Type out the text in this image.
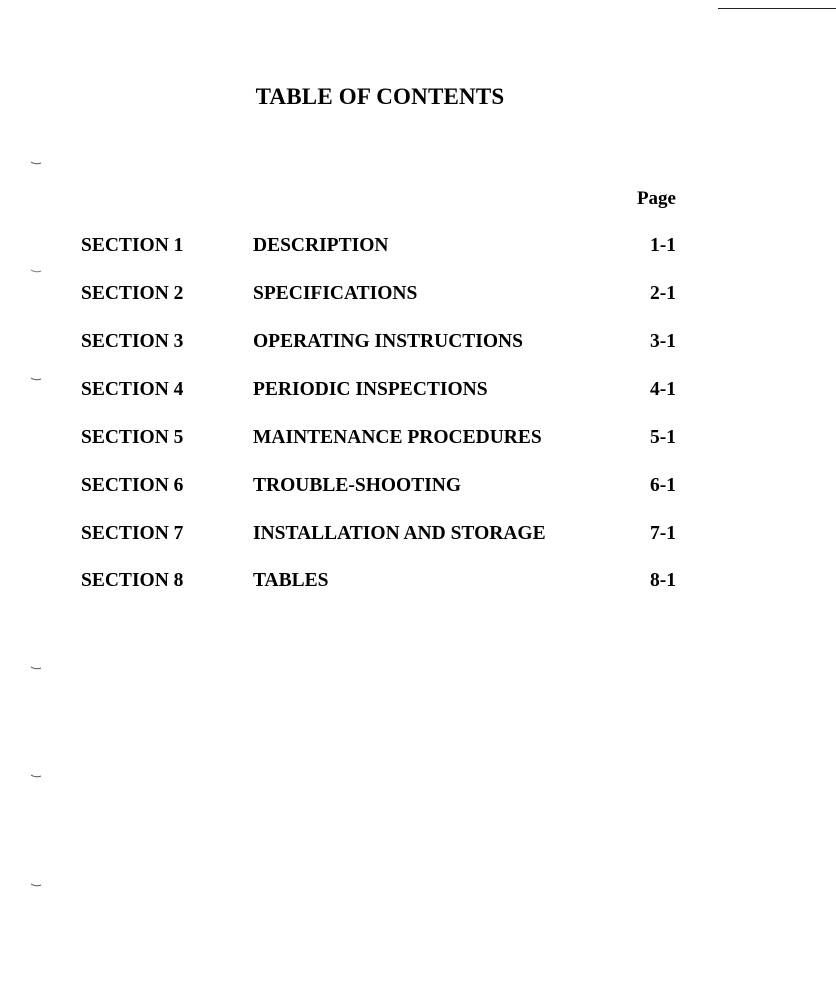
TABLE OF CONTENTS
Page
SECTION 1	DESCRIPTION	1-1
SECTION 2	SPECIFICATIONS	2-1
SECTION 3	OPERATING INSTRUCTIONS	3-1
SECTION 4	PERIODIC INSPECTIONS	4-1
SECTION 5	MAINTENANCE PROCEDURES	5-1
SECTION 6	TROUBLE-SHOOTING	6-1
SECTION 7	INSTALLATION AND STORAGE	7-1
SECTION 8	TABLES	8-1
